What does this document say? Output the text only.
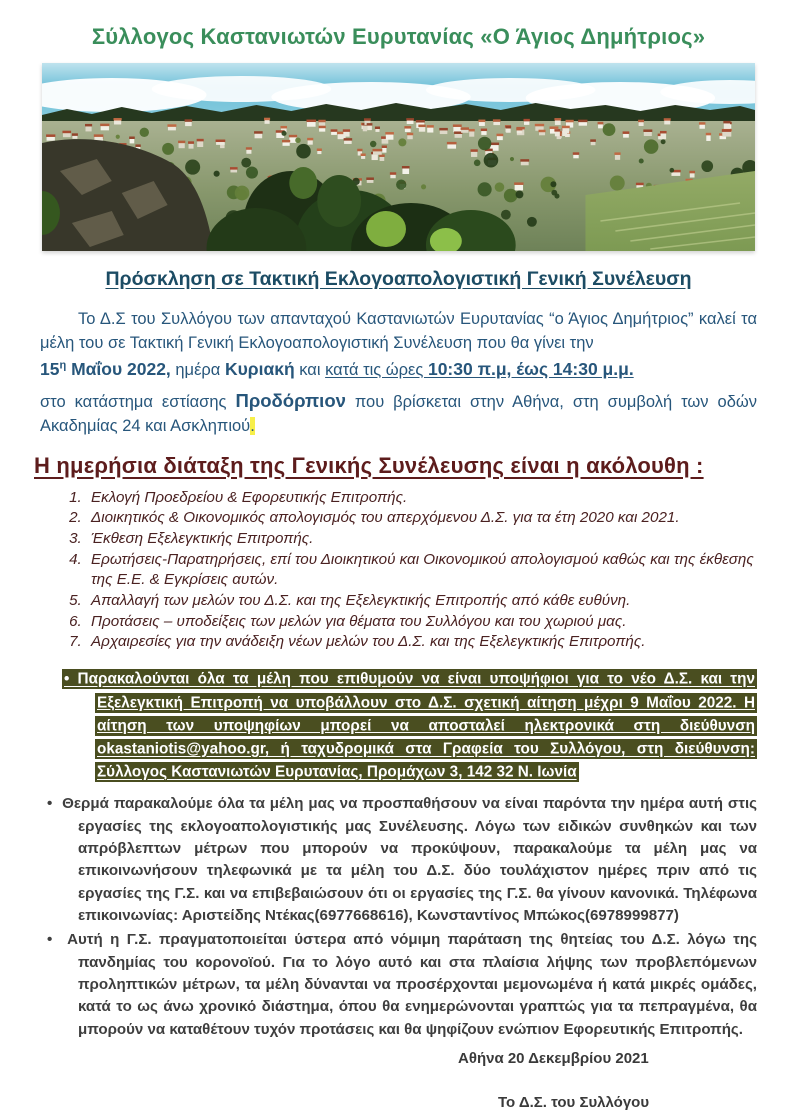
Σύλλογος Καστανιωτών Ευρυτανίας «Ο Άγιος Δημήτριος»
Πρόσκληση σε Τακτική Εκλογοαπολογιστική Γενική Συνέλευση

Το Δ.Σ του Συλλόγου των απανταχού Καστανιωτών Ευρυτανίας “ο Άγιος Δημήτριος” καλεί τα μέλη του σε Τακτική Γενική Εκλογοαπολογιστική Συνέλευση που θα γίνει την

$15^\eta$ Μαΐου 2022, ημέρα Κυριακή και κατά τις ώρες 10:30 π.μ, έως 14:30 μ.μ.

στο κατάστημα εστίασης Προδόρπιον που βρίσκεται στην Αθήνα, στη συμβολή των οδών Ακαδημίας 24 και Ασκληπιού.

Η ημερήσια διάταξη της Γενικής Συνέλευσης είναι η ακόλουθη :
1. Εκλογή Προεδρείου & Εφορευτικής Επιτροπής.
2. Διοικητικός & Οικονομικός απολογισμός του απερχόμενου Δ.Σ. για τα έτη 2020 και 2021.
3. Έκθεση Εξελεγκτικής Επιτροπής.
4. Ερωτήσεις-Παρατηρήσεις, επί του Διοικητικού και Οικονομικού απολογισμού καθώς και της έκθεσης της Ε.Ε. & Εγκρίσεις αυτών.
5. Απαλλαγή των μελών του Δ.Σ. και της Εξελεγκτικής Επιτροπής από κάθε ευθύνη.
6. Προτάσεις – υποδείξεις των μελών για θέματα του Συλλόγου και του χωριού μας.
7. Αρχαιρεσίες για την ανάδειξη νέων μελών του Δ.Σ. και της Εξελεγκτικής Επιτροπής.

• Παρακαλούνται όλα τα μέλη που επιθυμούν να είναι υποψήφιοι για το νέο Δ.Σ. και την Εξελεγκτική Επιτροπή να υποβάλλουν στο Δ.Σ. σχετική αίτηση μέχρι 9 Μαΐου 2022. Η αίτηση των υποψηφίων μπορεί να αποσταλεί ηλεκτρονικά στη διεύθυνση okastaniotis@yahoo.gr, ή ταχυδρομικά στα Γραφεία του Συλλόγου, στη διεύθυνση: Σύλλογος Καστανιωτών Ευρυτανίας, Προμάχων 3, 142 32 Ν. Ιωνία

•  Θερμά παρακαλούμε όλα τα μέλη μας να προσπαθήσουν να είναι παρόντα την ημέρα αυτή στις εργασίες της εκλογοαπολογιστικής μας Συνέλευσης. Λόγω των ειδικών συνθηκών και των απρόβλεπτων μέτρων που μπορούν να προκύψουν, παρακαλούμε τα μέλη μας να επικοινωνήσουν τηλεφωνικά με τα μέλη του Δ.Σ. δύο τουλάχιστον ημέρες πριν από τις εργασίες της Γ.Σ. και να επιβεβαιώσουν ότι οι εργασίες της Γ.Σ. θα γίνουν κανονικά. Τηλέφωνα επικοινωνίας: Αριστείδης Ντέκας(6977668616), Κωνσταντίνος Μπώκος(6978999877)
•  Αυτή η Γ.Σ. πραγματοποιείται ύστερα από νόμιμη παράταση της θητείας του Δ.Σ. λόγω της πανδημίας του κορονοϊού. Για το λόγο αυτό και στα πλαίσια λήψης των προβλεπόμενων προληπτικών μέτρων, τα μέλη δύνανται να προσέρχονται μεμονωμένα ή κατά μικρές ομάδες, κατά το ως άνω χρονικό διάστημα, όπου θα ενημερώνονται γραπτώς για τα πεπραγμένα, θα μπορούν να καταθέτουν τυχόν προτάσεις και θα ψηφίζουν ενώπιον Εφορευτικής Επιτροπής.

Αθήνα 20 Δεκεμβρίου 2021

Το Δ.Σ. του Συλλόγου
